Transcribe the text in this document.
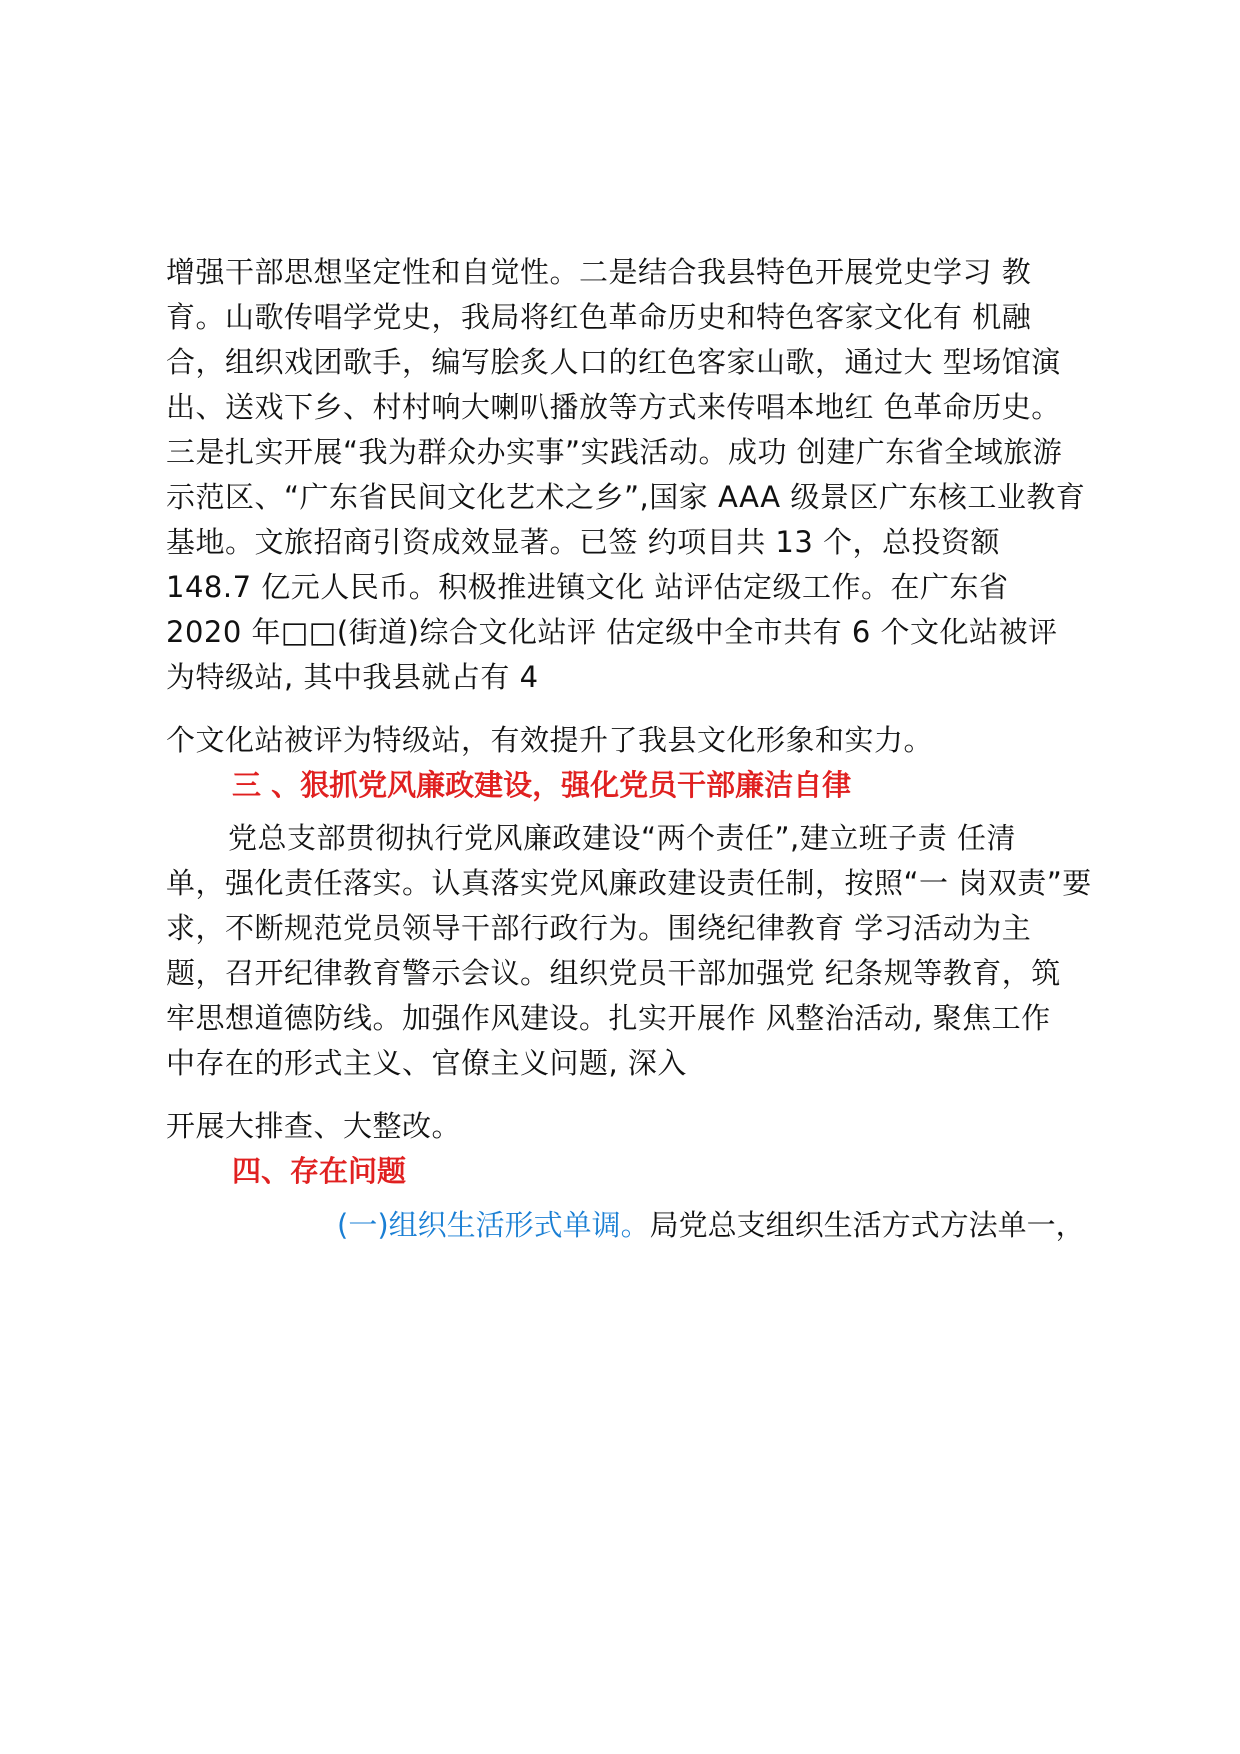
增强干部思想坚定性和自觉性。二是结合我县特色开展党史学习 教

育。山歌传唱学党史，我局将红色革命历史和特色客家文化有 机融

合，组织戏团歌手，编写脍炙人口的红色客家山歌，通过大 型场馆演

出、送戏下乡、村村响大喇叭播放等方式来传唱本地红 色革命历史。

三是扎实开展“我为群众办实事”实践活动。成功 创建广东省全域旅游

示范区、“广东省民间文化艺术之乡”,国家 AAA 级景区广东核工业教育

基地。文旅招商引资成效显著。已签 约项目共 13 个，总投资额

148.7 亿元人民币。积极推进镇文化 站评估定级工作。在广东省

2020 年□□(街道)综合文化站评 估定级中全市共有 6 个文化站被评

为特级站, 其中我县就占有 4

个文化站被评为特级站，有效提升了我县文化形象和实力。

三 、狠抓党风廉政建设，强化党员干部廉洁自律

党总支部贯彻执行党风廉政建设“两个责任”,建立班子责 任清

单，强化责任落实。认真落实党风廉政建设责任制，按照“一 岗双责”要

求，不断规范党员领导干部行政行为。围绕纪律教育 学习活动为主

题，召开纪律教育警示会议。组织党员干部加强党 纪条规等教育，筑

牢思想道德防线。加强作风建设。扎实开展作 风整治活动, 聚焦工作

中存在的形式主义、官僚主义问题, 深入

开展大排查、大整改。

四、存在问题

(一)组织生活形式单调。局党总支组织生活方式方法单一，
